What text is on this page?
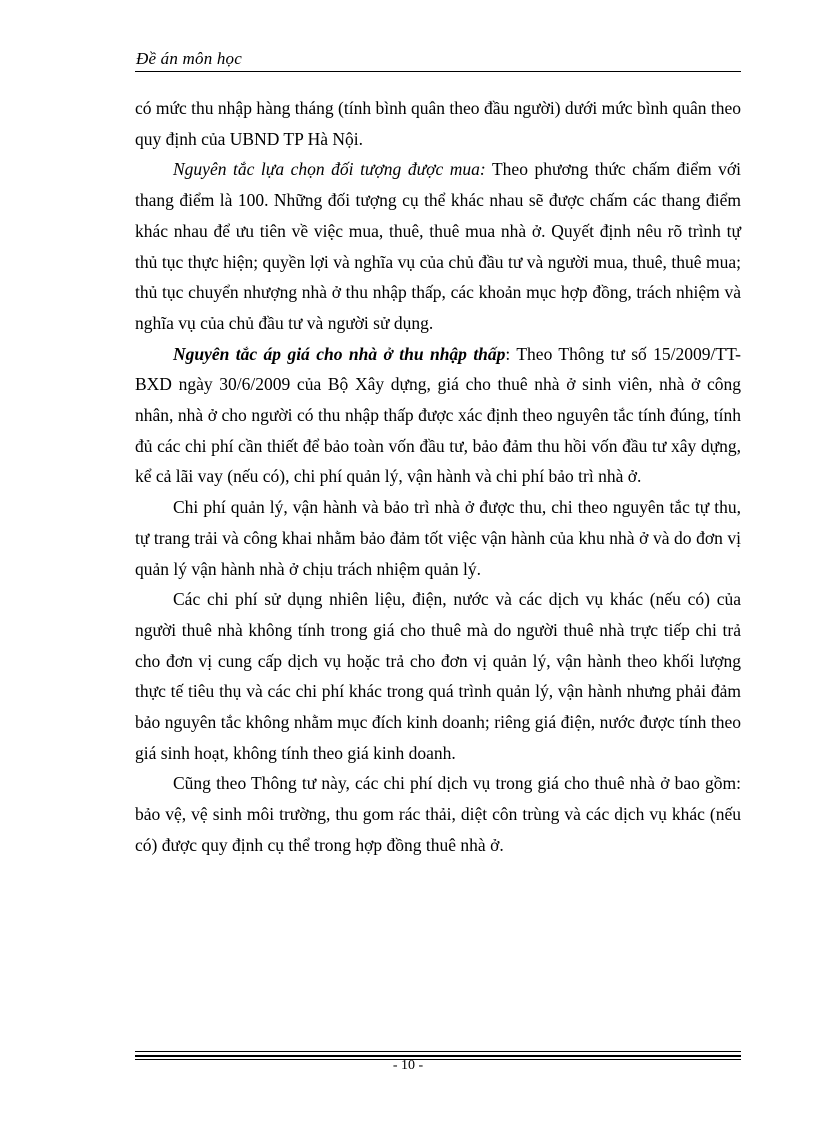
Đề án môn học

có mức thu nhập hàng tháng (tính bình quân theo đầu người) dưới mức bình quân theo quy định của UBND TP Hà Nội.

Nguyên tắc lựa chọn đối tượng được mua: Theo phương thức chấm điểm với thang điểm là 100. Những đối tượng cụ thể khác nhau sẽ được chấm các thang điểm khác nhau để ưu tiên về việc mua, thuê, thuê mua nhà ở. Quyết định nêu rõ trình tự thủ tục thực hiện; quyền lợi và nghĩa vụ của chủ đầu tư và người mua, thuê, thuê mua; thủ tục chuyển nhượng nhà ở thu nhập thấp, các khoản mục hợp đồng, trách nhiệm và nghĩa vụ của chủ đầu tư và người sử dụng.

Nguyên tắc áp giá cho nhà ở thu nhập thấp: Theo Thông tư số 15/2009/TT-BXD ngày 30/6/2009 của Bộ Xây dựng, giá cho thuê nhà ở sinh viên, nhà ở công nhân, nhà ở cho người có thu nhập thấp được xác định theo nguyên tắc tính đúng, tính đủ các chi phí cần thiết để bảo toàn vốn đầu tư, bảo đảm thu hồi vốn đầu tư xây dựng, kể cả lãi vay (nếu có), chi phí quản lý, vận hành và chi phí bảo trì nhà ở.

Chi phí quản lý, vận hành và bảo trì nhà ở được thu, chi theo nguyên tắc tự thu, tự trang trải và công khai nhằm bảo đảm tốt việc vận hành của khu nhà ở và do đơn vị quản lý vận hành nhà ở chịu trách nhiệm quản lý.

Các chi phí sử dụng nhiên liệu, điện, nước và các dịch vụ khác (nếu có) của người thuê nhà không tính trong giá cho thuê mà do người thuê nhà trực tiếp chi trả cho đơn vị cung cấp dịch vụ hoặc trả cho đơn vị quản lý, vận hành theo khối lượng thực tế tiêu thụ và các chi phí khác trong quá trình quản lý, vận hành nhưng phải đảm bảo nguyên tắc không nhằm mục đích kinh doanh; riêng giá điện, nước được tính theo giá sinh hoạt, không tính theo giá kinh doanh.

Cũng theo Thông tư này, các chi phí dịch vụ trong giá cho thuê nhà ở bao gồm: bảo vệ, vệ sinh môi trường, thu gom rác thải, diệt côn trùng và các dịch vụ khác (nếu có) được quy định cụ thể trong hợp đồng thuê nhà ở.

- 10 -
